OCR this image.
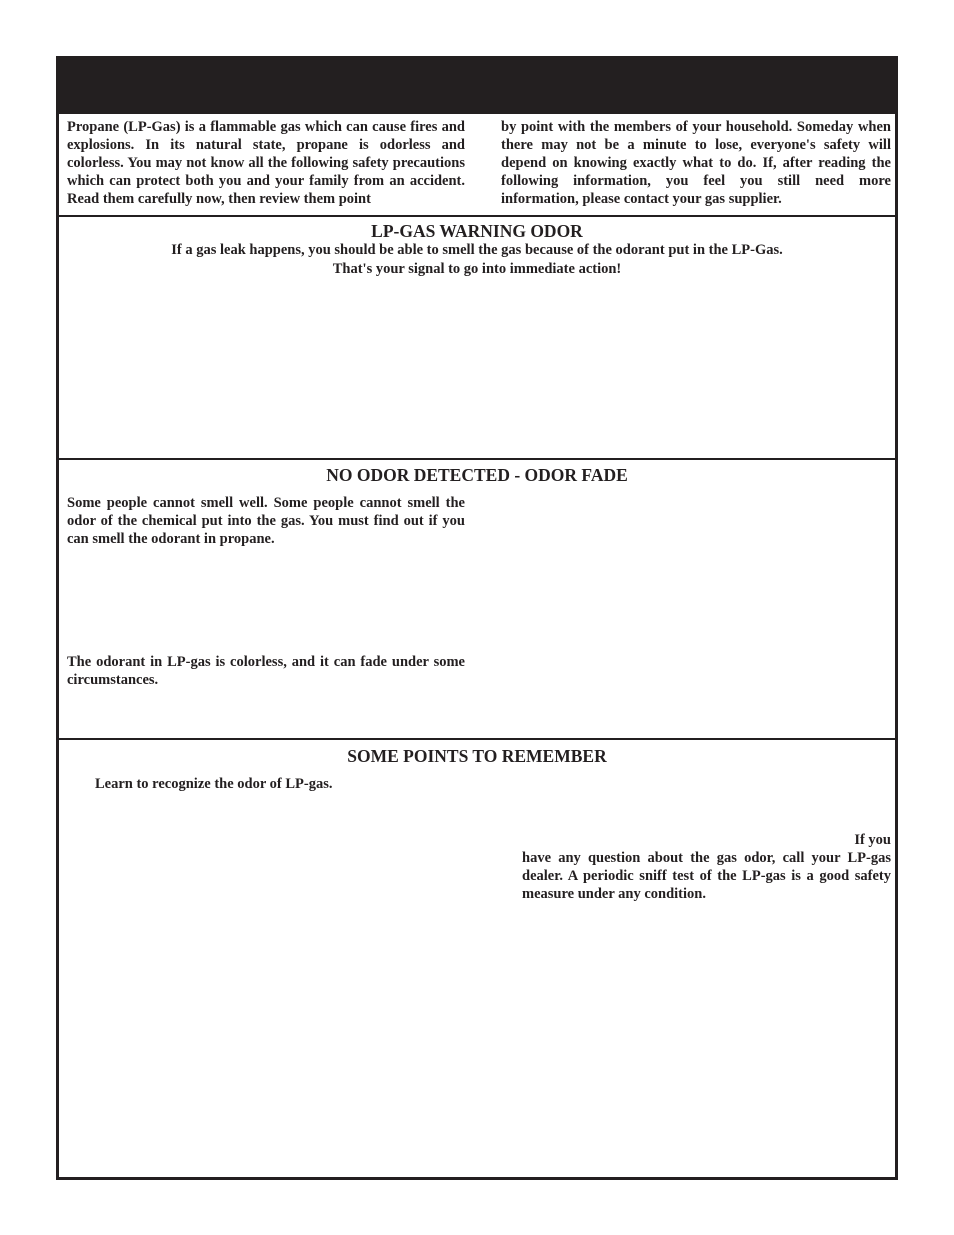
Propane (LP-Gas) is a flammable gas which can cause fires and explosions. In its natural state, propane is odorless and colorless. You may not know all the following safety precautions which can protect both you and your family from an accident. Read them carefully now, then review them point

by point with the members of your household. Someday when there may not be a minute to lose, everyone's safety will depend on knowing exactly what to do. If, after reading the following information, you feel you still need more information, please contact your gas supplier.

LP-GAS WARNING ODOR

If a gas leak happens, you should be able to smell the gas because of the odorant put in the LP-Gas.

That's your signal to go into immediate action!

NO ODOR DETECTED - ODOR FADE

Some people cannot smell well. Some people cannot smell the odor of the chemical put into the gas. You must find out if you can smell the odorant in propane.

The odorant in LP-gas is colorless, and it can fade under some circumstances.

SOME POINTS TO REMEMBER

Learn to recognize the odor of LP-gas.

If you
have any question about the gas odor, call your LP-gas dealer. A periodic sniff test of the LP-gas is a good safety measure under any condition.
